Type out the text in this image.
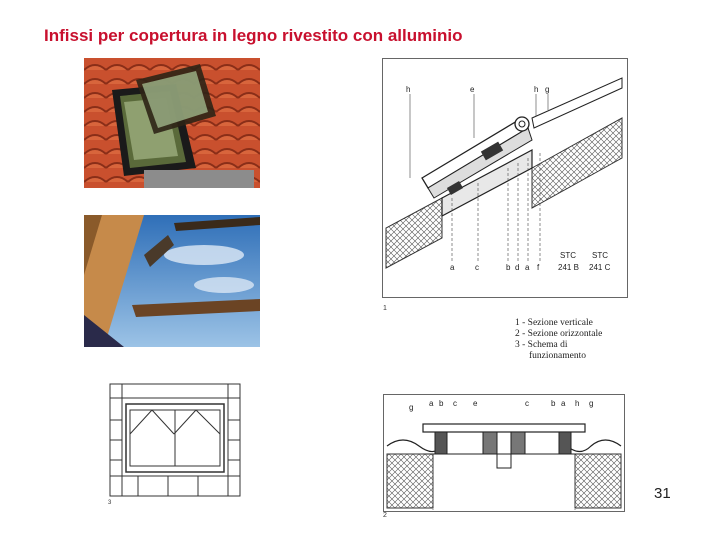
Infissi per copertura in legno rivestito con alluminio
3
h	e	h g
a	c	b d a f
STC
241 B
STC
241 C
1
1 - Sezione verticale
2 - Sezione orizzontale
3 - Schema di
funzionamento
g a b c e	c	b a h g
2
31
